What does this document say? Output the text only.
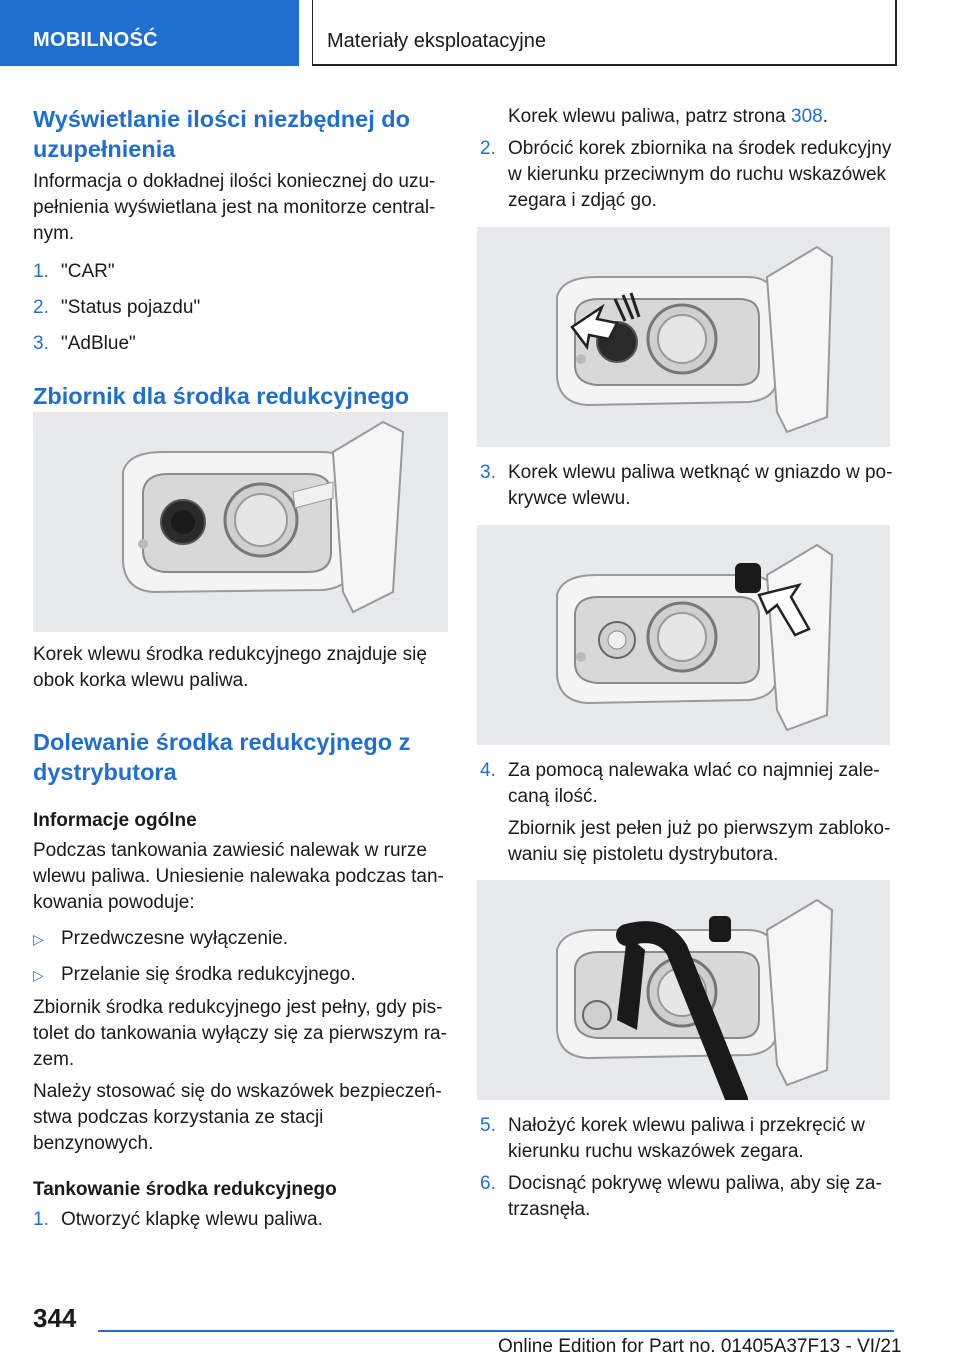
MOBILNOŚĆ	Materiały eksploatacyjne
Wyświetlanie ilości niezbędnej do uzupełnienia

Informacja o dokładnej ilości koniecznej do uzu-pełnienia wyświetlana jest na monitorze central-nym.

1. "CAR"
2. "Status pojazdu"
3. "AdBlue"
Zbiornik dla środka redukcyjnego

Korek wlewu środka redukcyjnego znajduje się obok korka wlewu paliwa.

Dolewanie środka redukcyjnego z dystrybutora
Informacje ogólne

Podczas tankowania zawiesić nalewak w rurze wlewu paliwa. Uniesienie nalewaka podczas tan-kowania powoduje:

▷ Przedwczesne wyłączenie.
▷ Przelanie się środka redukcyjnego.

Zbiornik środka redukcyjnego jest pełny, gdy pis-tolet do tankowania wyłączy się za pierwszym ra-zem.

Należy stosować się do wskazówek bezpieczeń-stwa podczas korzystania ze stacji benzynowych.

Tankowanie środka redukcyjnego
1. Otworzyć klapkę wlewu paliwa.

Korek wlewu paliwa, patrz strona 308.

2. Obrócić korek zbiornika na środek redukcyjny w kierunku przeciwnym do ruchu wskazówek zegara i zdjąć go.
3. Korek wlewu paliwa wetknąć w gniazdo w po-krywce wlewu.
4. Za pomocą nalewaka wlać co najmniej zale-caną ilość.

Zbiornik jest pełen już po pierwszym zabloko-waniu się pistoletu dystrybutora.

5. Nałożyć korek wlewu paliwa i przekręcić w kierunku ruchu wskazówek zegara.
6. Docisnąć pokrywę wlewu paliwa, aby się za-trzasnęła.
344
Online Edition for Part no. 01405A37F13 - VI/21
